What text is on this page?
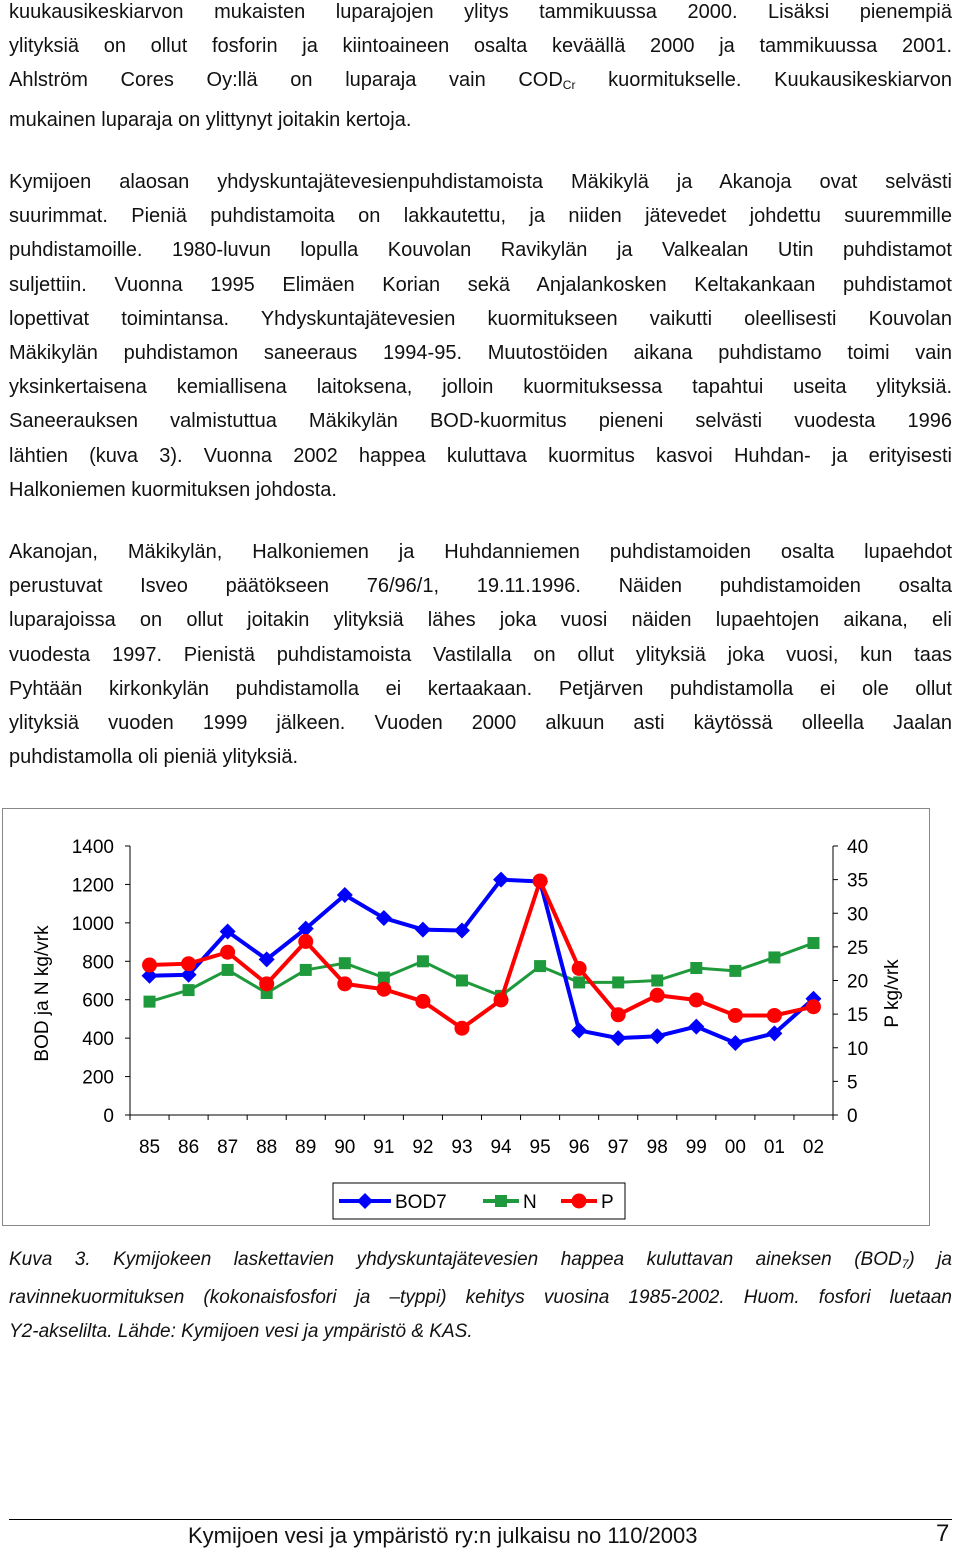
kuukausikeskiarvon mukaisten luparajojen ylitys tammikuussa 2000. Lisäksi pienempiä
ylityksiä on ollut fosforin ja kiintoaineen osalta keväällä 2000 ja tammikuussa 2001.
Ahlström Cores Oy:llä on luparaja vain $COD_{Cr}$ kuormitukselle. Kuukausikeskiarvon
mukainen luparaja on ylittynyt joitakin kertoja.
Kymijoen alaosan yhdyskuntajätevesienpuhdistamoista Mäkikylä ja Akanoja ovat selvästi
suurimmat. Pieniä puhdistamoita on lakkautettu, ja niiden jätevedet johdettu suuremmille
puhdistamoille. 1980-luvun lopulla Kouvolan Ravikylän ja Valkealan Utin puhdistamot
suljettiin. Vuonna 1995 Elimäen Korian sekä Anjalankosken Keltakankaan puhdistamot
lopettivat toimintansa. Yhdyskuntajätevesien kuormitukseen vaikutti oleellisesti Kouvolan
Mäkikylän puhdistamon saneeraus 1994-95. Muutostöiden aikana puhdistamo toimi vain
yksinkertaisena kemiallisena laitoksena, jolloin kuormituksessa tapahtui useita ylityksiä.
Saneerauksen valmistuttua Mäkikylän BOD-kuormitus pieneni selvästi vuodesta 1996
lähtien (kuva 3). Vuonna 2002 happea kuluttava kuormitus kasvoi Huhdan- ja erityisesti
Halkoniemen kuormituksen johdosta.
Akanojan, Mäkikylän, Halkoniemen ja Huhdanniemen puhdistamoiden osalta lupaehdot
perustuvat Isveo päätökseen 76/96/1, 19.11.1996. Näiden puhdistamoiden osalta
luparajoissa on ollut joitakin ylityksiä lähes joka vuosi näiden lupaehtojen aikana, eli
vuodesta 1997. Pienistä puhdistamoista Vastilalla on ollut ylityksiä joka vuosi, kun taas
Pyhtään kirkonkylän puhdistamolla ei kertaakaan. Petjärven puhdistamolla ei ole ollut
ylityksiä vuoden 1999 jälkeen. Vuoden 2000 alkuun asti käytössä olleella Jaalan
puhdistamolla oli pieniä ylityksiä.
0
200
400
600
800
1000
1200
1400
0
5
10
15
20
25
30
35
40
85 86 87 88 89 90 91 92 93 94 95 96 97 98 99 00 01 02
BOD ja N kg/vrk	P kg/vrk
BOD7	N	P
Kuva 3. Kymijokeen laskettavien yhdyskuntajätevesien happea kuluttavan aineksen $(BOD_7)$ ja
ravinnekuormituksen (kokonaisfosfori ja –typpi) kehitys vuosina 1985-2002. Huom. fosfori luetaan
Y2-akselilta. Lähde: Kymijoen vesi ja ympäristö & KAS.
Kymijoen vesi ja ympäristö ry:n julkaisu no 110/2003	7
